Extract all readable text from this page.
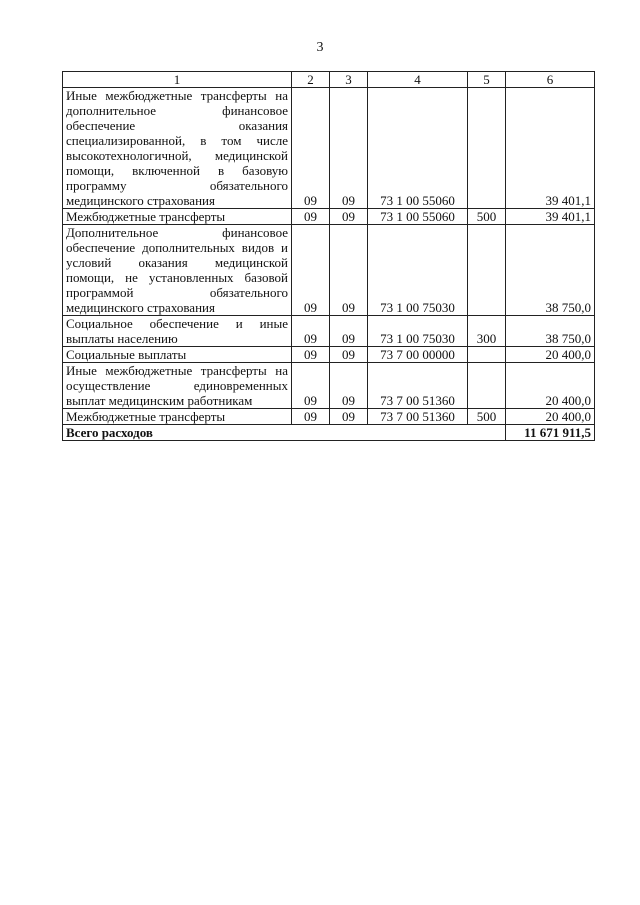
3
1	2	3	4	5	6
Иные межбюджетные трансферты на дополнительное финансовое обеспечение оказания специализированной, в том числе высокотехнологичной, медицинской помощи, включенной в базовую программу обязательного медицинского страхования	09	09	73 1 00 55060		39 401,1
Межбюджетные трансферты	09	09	73 1 00 55060	500	39 401,1
Дополнительное финансовое обеспечение дополнительных видов и условий оказания медицинской помощи, не установленных базовой программой обязательного медицинского страхования	09	09	73 1 00 75030		38 750,0
Социальное обеспечение и иные выплаты населению	09	09	73 1 00 75030	300	38 750,0
Социальные выплаты	09	09	73 7 00 00000		20 400,0
Иные межбюджетные трансферты на осуществление единовременных выплат медицинским работникам	09	09	73 7 00 51360		20 400,0
Межбюджетные трансферты	09	09	73 7 00 51360	500	20 400,0
Всего расходов					11 671 911,5
